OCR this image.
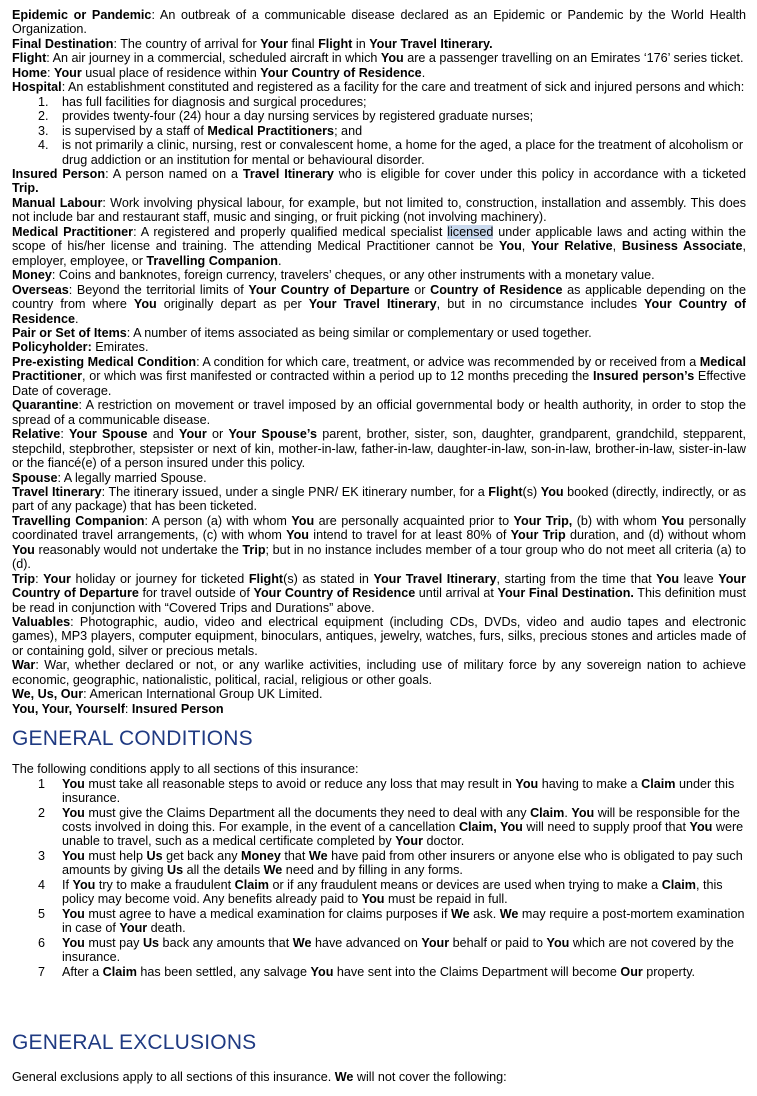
Epidemic or Pandemic: An outbreak of a communicable disease declared as an Epidemic or Pandemic by the World Health Organization.

Final Destination: The country of arrival for Your final Flight in Your Travel Itinerary.

Flight: An air journey in a commercial, scheduled aircraft in which You are a passenger travelling on an Emirates ‘176’ series ticket.

Home: Your usual place of residence within Your Country of Residence.

Hospital: An establishment constituted and registered as a facility for the care and treatment of sick and injured persons and which:

1. has full facilities for diagnosis and surgical procedures;
2. provides twenty-four (24) hour a day nursing services by registered graduate nurses;
3. is supervised by a staff of Medical Practitioners; and
4. is not primarily a clinic, nursing, rest or convalescent home, a home for the aged, a place for the treatment of alcoholism or drug addiction or an institution for mental or behavioural disorder.

Insured Person: A person named on a Travel Itinerary who is eligible for cover under this policy in accordance with a ticketed Trip.

Manual Labour: Work involving physical labour, for example, but not limited to, construction, installation and assembly. This does not include bar and restaurant staff, music and singing, or fruit picking (not involving machinery).

Medical Practitioner: A registered and properly qualified medical specialist licensed under applicable laws and acting within the scope of his/her license and training. The attending Medical Practitioner cannot be You, Your Relative, Business Associate, employer, employee, or Travelling Companion.

Money: Coins and banknotes, foreign currency, travelers’ cheques, or any other instruments with a monetary value.

Overseas: Beyond the territorial limits of Your Country of Departure or Country of Residence as applicable depending on the country from where You originally depart as per Your Travel Itinerary, but in no circumstance includes Your Country of Residence.

Pair or Set of Items: A number of items associated as being similar or complementary or used together.

Policyholder: Emirates.

Pre-existing Medical Condition: A condition for which care, treatment, or advice was recommended by or received from a Medical Practitioner, or which was first manifested or contracted within a period up to 12 months preceding the Insured person’s Effective Date of coverage.

Quarantine: A restriction on movement or travel imposed by an official governmental body or health authority, in order to stop the spread of a communicable disease.

Relative: Your Spouse and Your or Your Spouse’s parent, brother, sister, son, daughter, grandparent, grandchild, stepparent, stepchild, stepbrother, stepsister or next of kin, mother-in-law, father-in-law, daughter-in-law, son-in-law, brother-in-law, sister-in-law or the fiancé(e) of a person insured under this policy.

Spouse: A legally married Spouse.

Travel Itinerary: The itinerary issued, under a single PNR/ EK itinerary number, for a Flight(s) You booked (directly, indirectly, or as part of any package) that has been ticketed.

Travelling Companion: A person (a) with whom You are personally acquainted prior to Your Trip, (b) with whom You personally coordinated travel arrangements, (c) with whom You intend to travel for at least 80% of Your Trip duration, and (d) without whom You reasonably would not undertake the Trip; but in no instance includes member of a tour group who do not meet all criteria (a) to (d).

Trip: Your holiday or journey for ticketed Flight(s) as stated in Your Travel Itinerary, starting from the time that You leave Your Country of Departure for travel outside of Your Country of Residence until arrival at Your Final Destination. This definition must be read in conjunction with “Covered Trips and Durations” above.

Valuables: Photographic, audio, video and electrical equipment (including CDs, DVDs, video and audio tapes and electronic games), MP3 players, computer equipment, binoculars, antiques, jewelry, watches, furs, silks, precious stones and articles made of or containing gold, silver or precious metals.

War: War, whether declared or not, or any warlike activities, including use of military force by any sovereign nation to achieve economic, geographic, nationalistic, political, racial, religious or other goals.

We, Us, Our: American International Group UK Limited.

You, Your, Yourself: Insured Person

GENERAL CONDITIONS

The following conditions apply to all sections of this insurance:

1 You must take all reasonable steps to avoid or reduce any loss that may result in You having to make a Claim under this insurance.
2 You must give the Claims Department all the documents they need to deal with any Claim. You will be responsible for the costs involved in doing this. For example, in the event of a cancellation Claim, You will need to supply proof that You were unable to travel, such as a medical certificate completed by Your doctor.
3 You must help Us get back any Money that We have paid from other insurers or anyone else who is obligated to pay such amounts by giving Us all the details We need and by filling in any forms.
4 If You try to make a fraudulent Claim or if any fraudulent means or devices are used when trying to make a Claim, this policy may become void. Any benefits already paid to You must be repaid in full.
5 You must agree to have a medical examination for claims purposes if We ask. We may require a post-mortem examination in case of Your death.
6 You must pay Us back any amounts that We have advanced on Your behalf or paid to You which are not covered by the insurance.
7 After a Claim has been settled, any salvage You have sent into the Claims Department will become Our property.
GENERAL EXCLUSIONS

General exclusions apply to all sections of this insurance. We will not cover the following:
